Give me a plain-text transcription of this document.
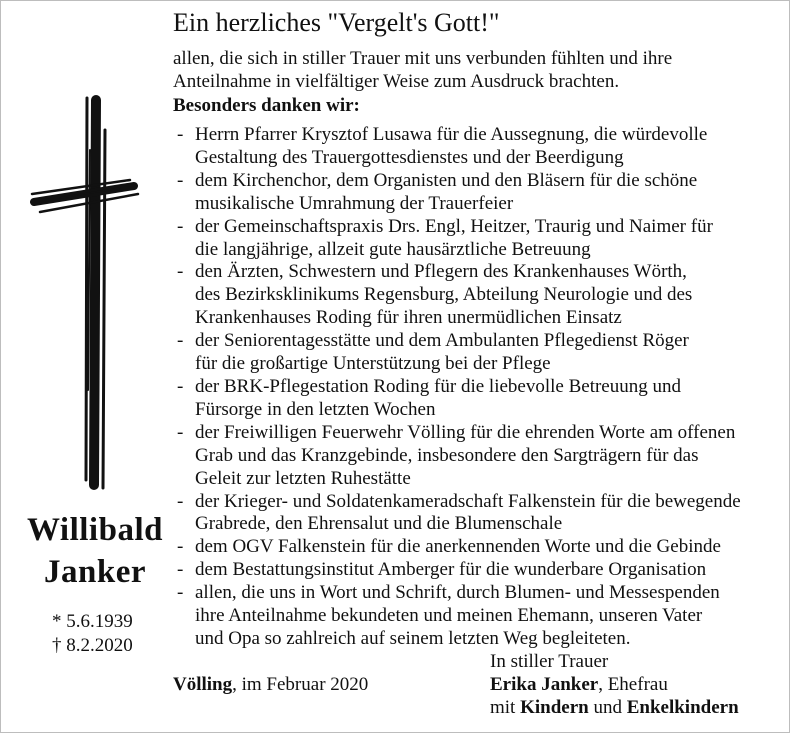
Willibald
Janker
* 5.6.1939
† 8.2.2020
Ein herzliches "Vergelt's Gott!"
allen, die sich in stiller Trauer mit uns verbunden fühlten und ihre
Anteilnahme in vielfältiger Weise zum Ausdruck brachten.
Besonders danken wir:
- Herrn Pfarrer Krysztof Lusawa für die Aussegnung, die würdevolle
Gestaltung des Trauergottesdienstes und der Beerdigung
- dem Kirchenchor, dem Organisten und den Bläsern für die schöne
musikalische Umrahmung der Trauerfeier
- der Gemeinschaftspraxis Drs. Engl, Heitzer, Traurig und Naimer für
die langjährige, allzeit gute hausärztliche Betreuung
- den Ärzten, Schwestern und Pflegern des Krankenhauses Wörth,
des Bezirksklinikums Regensburg, Abteilung Neurologie und des
Krankenhauses Roding für ihren unermüdlichen Einsatz
- der Seniorentagesstätte und dem Ambulanten Pflegedienst Röger
für die großartige Unterstützung bei der Pflege
- der BRK-Pflegestation Roding für die liebevolle Betreuung und
Fürsorge in den letzten Wochen
- der Freiwilligen Feuerwehr Völling für die ehrenden Worte am offenen
Grab und das Kranzgebinde, insbesondere den Sargträgern für das
Geleit zur letzten Ruhestätte
- der Krieger- und Soldatenkameradschaft Falkenstein für die bewegende
Grabrede, den Ehrensalut und die Blumenschale
- dem OGV Falkenstein für die anerkennenden Worte und die Gebinde
- dem Bestattungsinstitut Amberger für die wunderbare Organisation
- allen, die uns in Wort und Schrift, durch Blumen- und Messespenden
ihre Anteilnahme bekundeten und meinen Ehemann, unseren Vater
und Opa so zahlreich auf seinem letzten Weg begleiteten.
Völling, im Februar 2020
In stiller Trauer
Erika Janker, Ehefrau
mit Kindern und Enkelkindern
